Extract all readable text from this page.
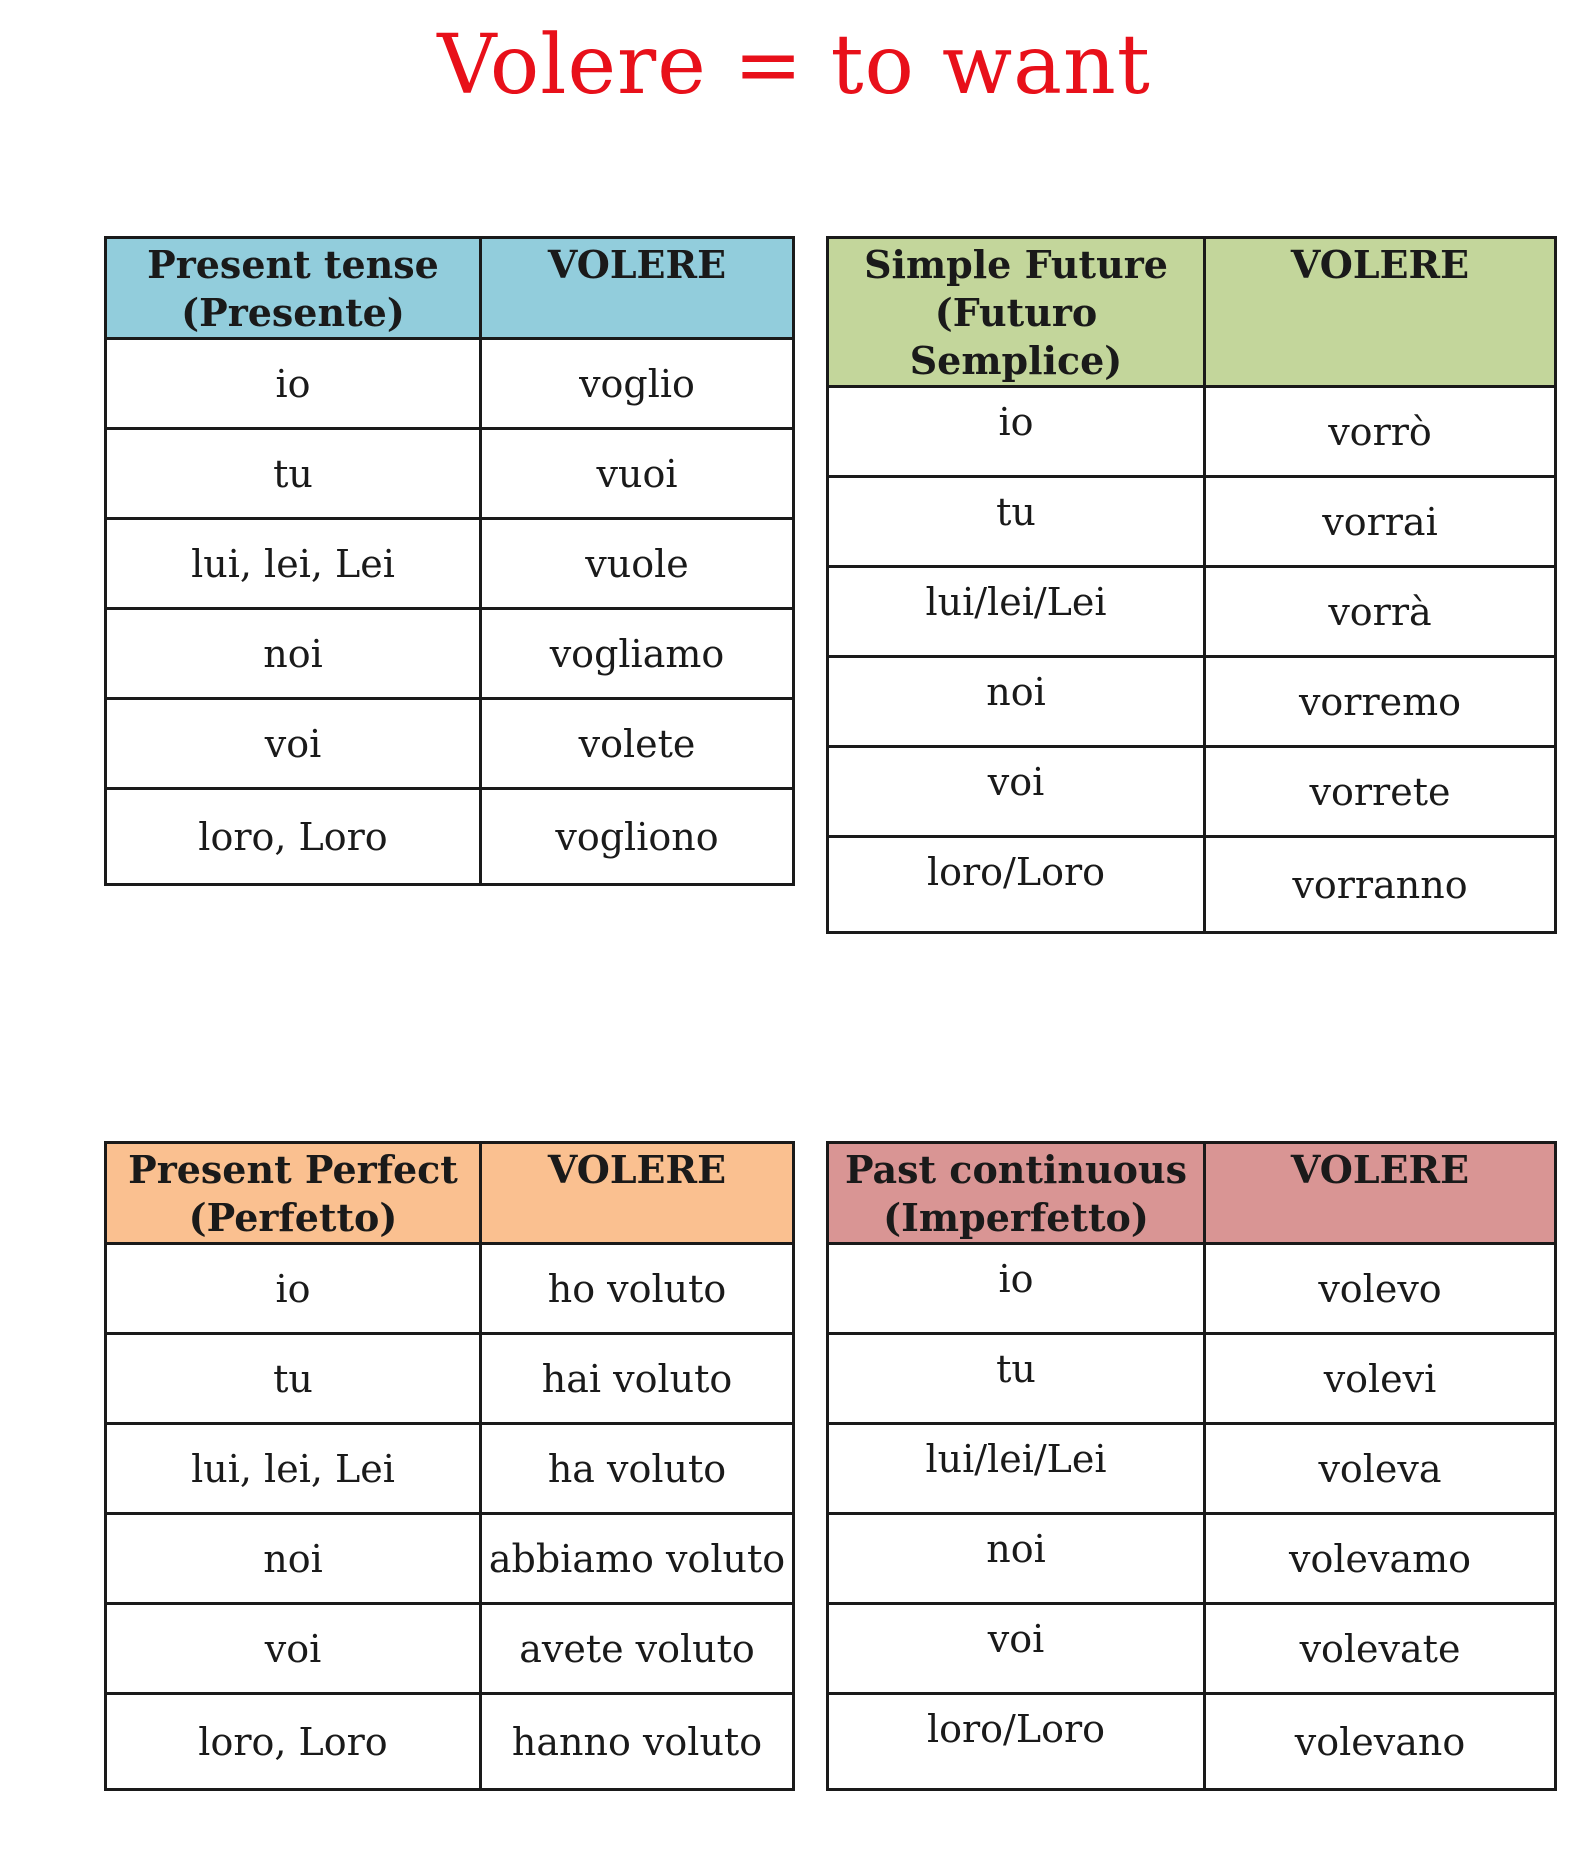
Volere = to want
Present tense
(Presente)	VOLERE
io	voglio
tu	vuoi
lui, lei, Lei	vuole
noi	vogliamo
voi	volete
loro, Loro	vogliono
Simple Future
(Futuro Semplice)	VOLERE
io	vorrò
tu	vorrai
lui/lei/Lei	vorrà
noi	vorremo
voi	vorrete
loro/Loro	vorranno
Present Perfect
(Perfetto)	VOLERE
io	ho voluto
tu	hai voluto
lui, lei, Lei	ha voluto
noi	abbiamo voluto
voi	avete voluto
loro, Loro	hanno voluto
Past continuous
(Imperfetto)	VOLERE
io	volevo
tu	volevi
lui/lei/Lei	voleva
noi	volevamo
voi	volevate
loro/Loro	volevano
